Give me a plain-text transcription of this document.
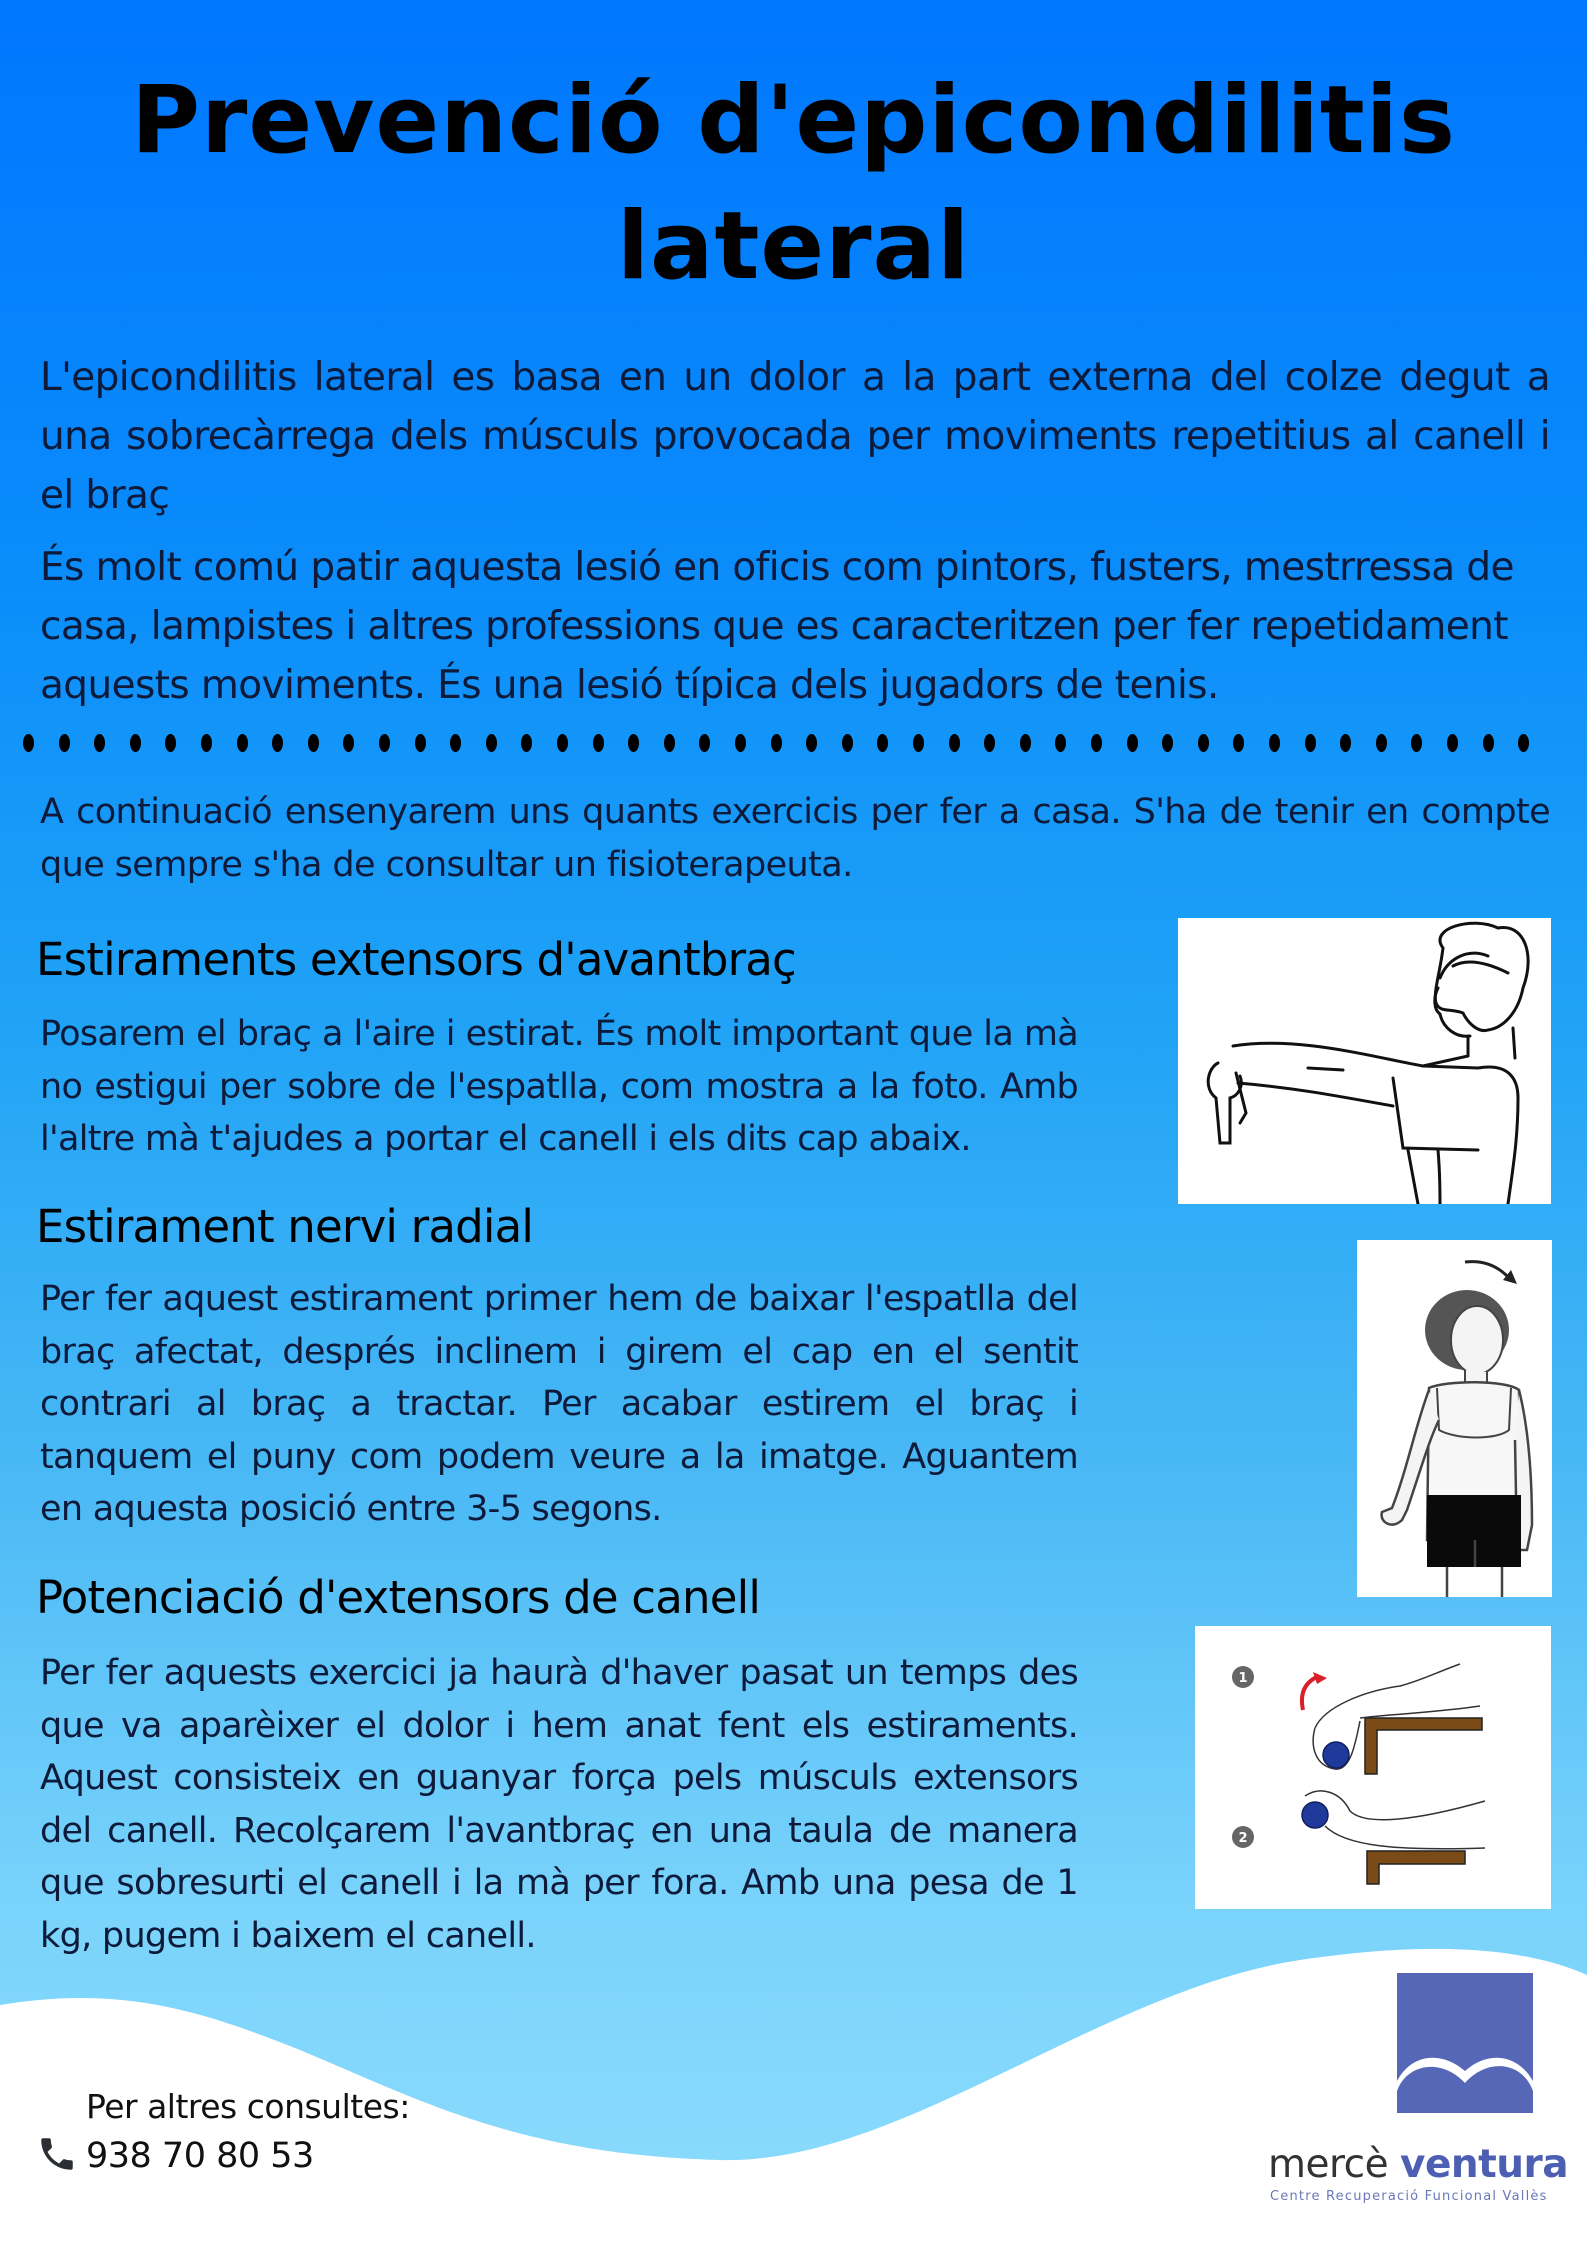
Prevenció d'epicondilitis
lateral
L'epicondilitis lateral es basa en un dolor a la part externa del colze degut a una sobrecàrrega dels músculs provocada per moviments repetitius al canell i el braç
És molt comú patir aquesta lesió en oficis com pintors, fusters, mestrressa de casa, lampistes i altres professions que es caracteritzen per fer repetidament aquests moviments. És una lesió típica dels jugadors de tenis.
A continuació ensenyarem uns quants exercicis per fer a casa. S'ha de tenir en compte que sempre s'ha de consultar un fisioterapeuta.
Estiraments extensors d'avantbraç
Posarem el braç a l'aire i estirat. És molt important que la mà no estigui per sobre de l'espatlla, com mostra a la foto. Amb l'altre mà t'ajudes a portar el canell i els dits cap abaix.
Estirament nervi radial
Per fer aquest estirament primer hem de baixar l'espatlla del braç afectat, després inclinem i girem el cap en el sentit contrari al braç a tractar. Per acabar estirem el braç i tanquem el puny com podem veure a la imatge. Aguantem en aquesta posició entre 3-5 segons.
Potenciació d'extensors de canell
Per fer aquests exercici ja haurà d'haver pasat un temps des que va aparèixer el dolor i hem anat fent els estiraments. Aquest consisteix en guanyar força pels músculs extensors del canell. Recolçarem l'avantbraç en una taula de manera que sobresurti el canell i la mà per fora. Amb una pesa de 1 kg, pugem i baixem el canell.
1
2
Per altres consultes:
938 70 80 53	mercè ventura
Centre Recuperació Funcional Vallès
